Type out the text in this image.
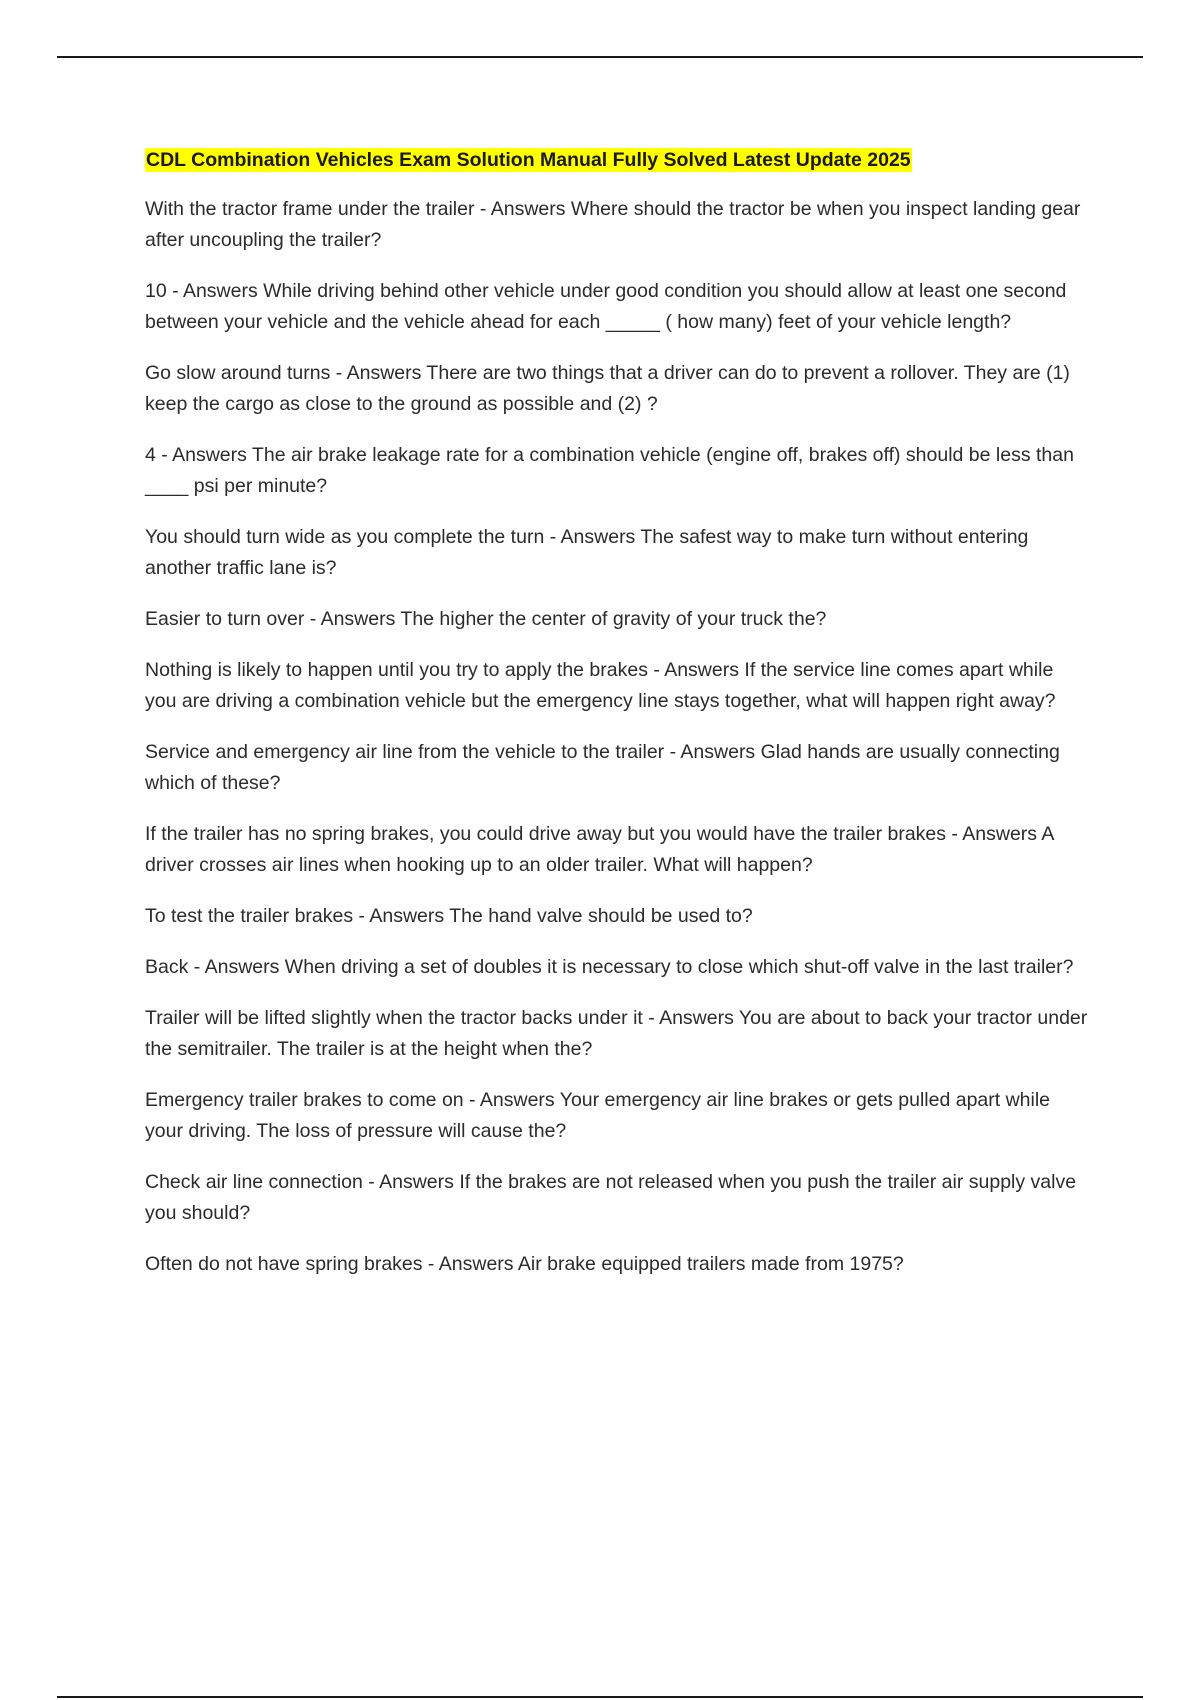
CDL Combination Vehicles Exam Solution Manual Fully Solved Latest Update 2025
With the tractor frame under the trailer - Answers Where should the tractor be when you inspect landing gear after uncoupling the trailer?
10 - Answers While driving behind other vehicle under good condition you should allow at least one second between your vehicle and the vehicle ahead for each _____ ( how many) feet of your vehicle length?
Go slow around turns - Answers There are two things that a driver can do to prevent a rollover. They are (1) keep the cargo as close to the ground as possible and (2) ?
4 - Answers The air brake leakage rate for a combination vehicle (engine off, brakes off) should be less than ____ psi per minute?
You should turn wide as you complete the turn - Answers The safest way to make turn without entering another traffic lane is?
Easier to turn over - Answers The higher the center of gravity of your truck the?
Nothing is likely to happen until you try to apply the brakes - Answers If the service line comes apart while you are driving a combination vehicle but the emergency line stays together, what will happen right away?
Service and emergency air line from the vehicle to the trailer - Answers Glad hands are usually connecting which of these?
If the trailer has no spring brakes, you could drive away but you would have the trailer brakes - Answers A driver crosses air lines when hooking up to an older trailer. What will happen?
To test the trailer brakes - Answers The hand valve should be used to?
Back - Answers When driving a set of doubles it is necessary to close which shut-off valve in the last trailer?
Trailer will be lifted slightly when the tractor backs under it - Answers You are about to back your tractor under the semitrailer. The trailer is at the height when the?
Emergency trailer brakes to come on - Answers Your emergency air line brakes or gets pulled apart while your driving. The loss of pressure will cause the?
Check air line connection - Answers If the brakes are not released when you push the trailer air supply valve you should?
Often do not have spring brakes - Answers Air brake equipped trailers made from 1975?
